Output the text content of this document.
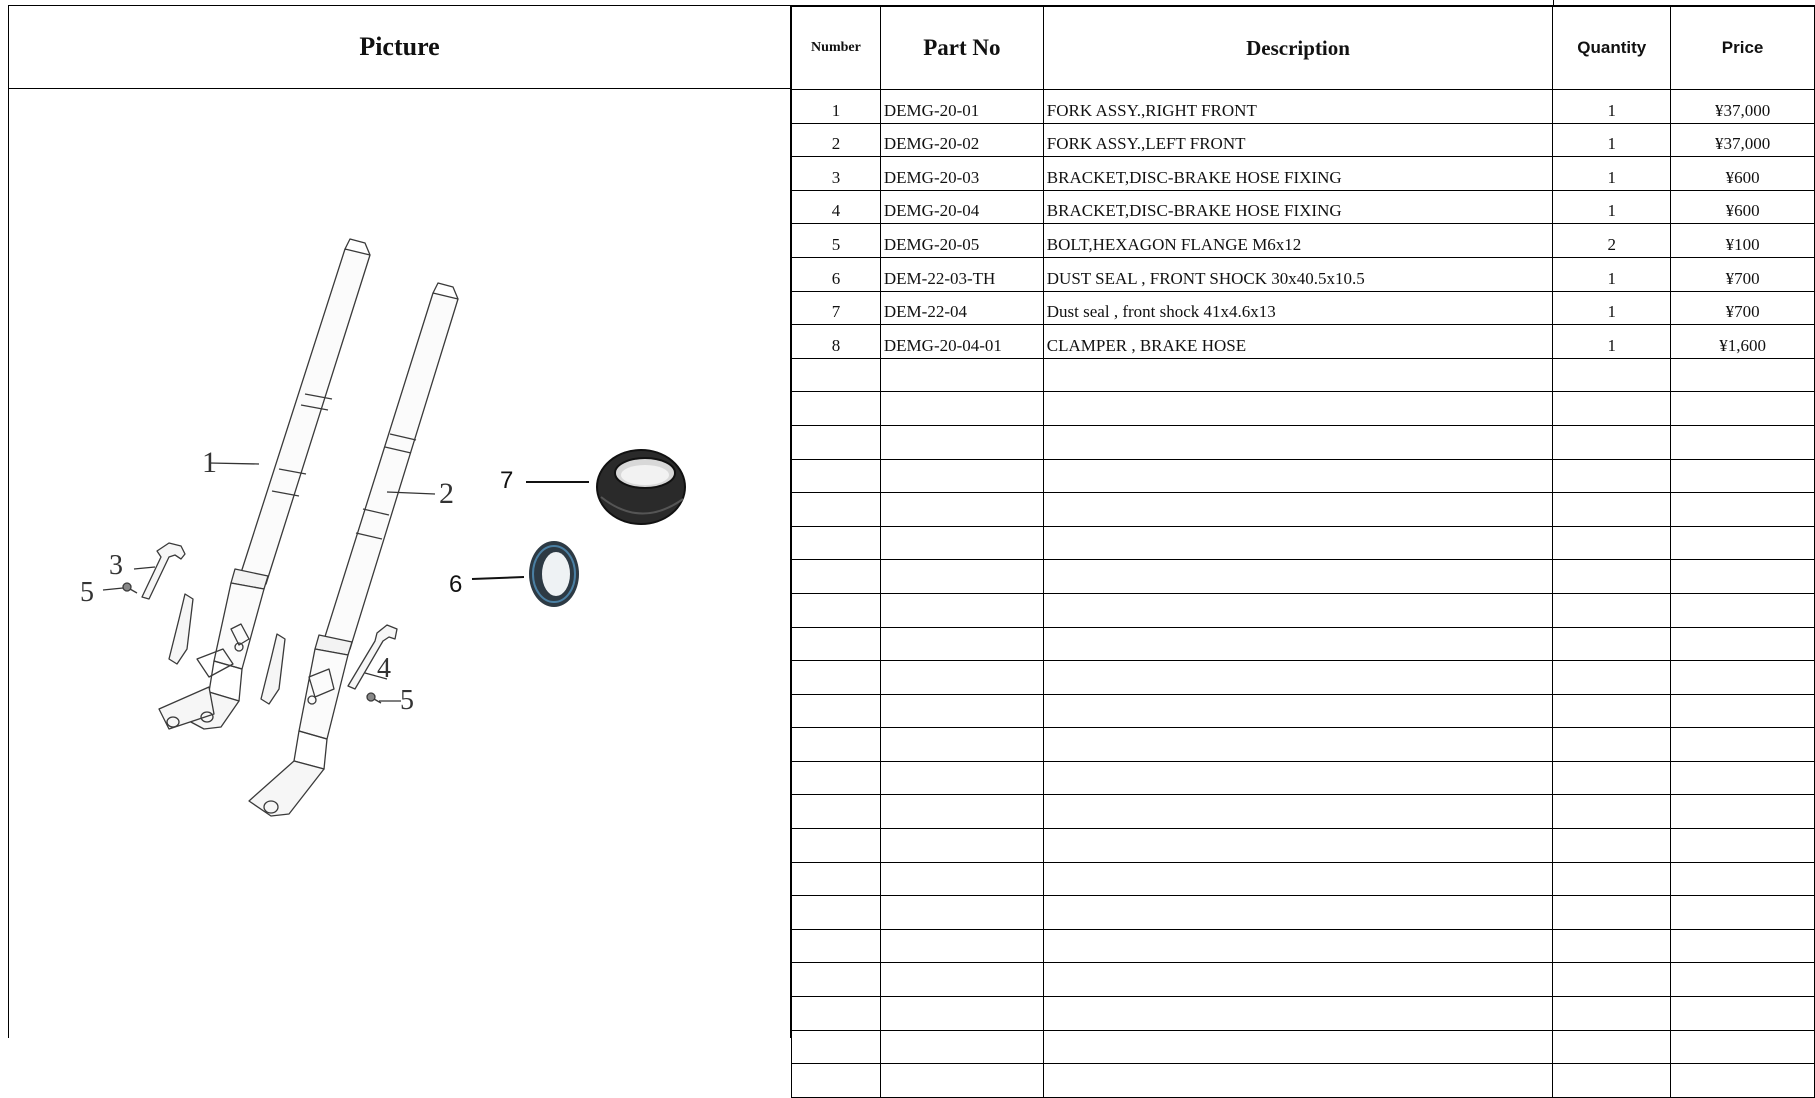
Picture
1
2
3
4
5
5
6
7
Number	Part No	Description	Quantity	Price
1	DEMG-20-01	FORK ASSY.,RIGHT FRONT	1	¥37,000
2	DEMG-20-02	FORK ASSY.,LEFT FRONT	1	¥37,000
3	DEMG-20-03	BRACKET,DISC-BRAKE HOSE FIXING	1	¥600
4	DEMG-20-04	BRACKET,DISC-BRAKE HOSE FIXING	1	¥600
5	DEMG-20-05	BOLT,HEXAGON FLANGE M6x12	2	¥100
6	DEM-22-03-TH	DUST SEAL , FRONT SHOCK 30x40.5x10.5	1	¥700
7	DEM-22-04	Dust seal , front shock 41x4.6x13	1	¥700
8	DEMG-20-04-01	CLAMPER , BRAKE HOSE	1	¥1,600
